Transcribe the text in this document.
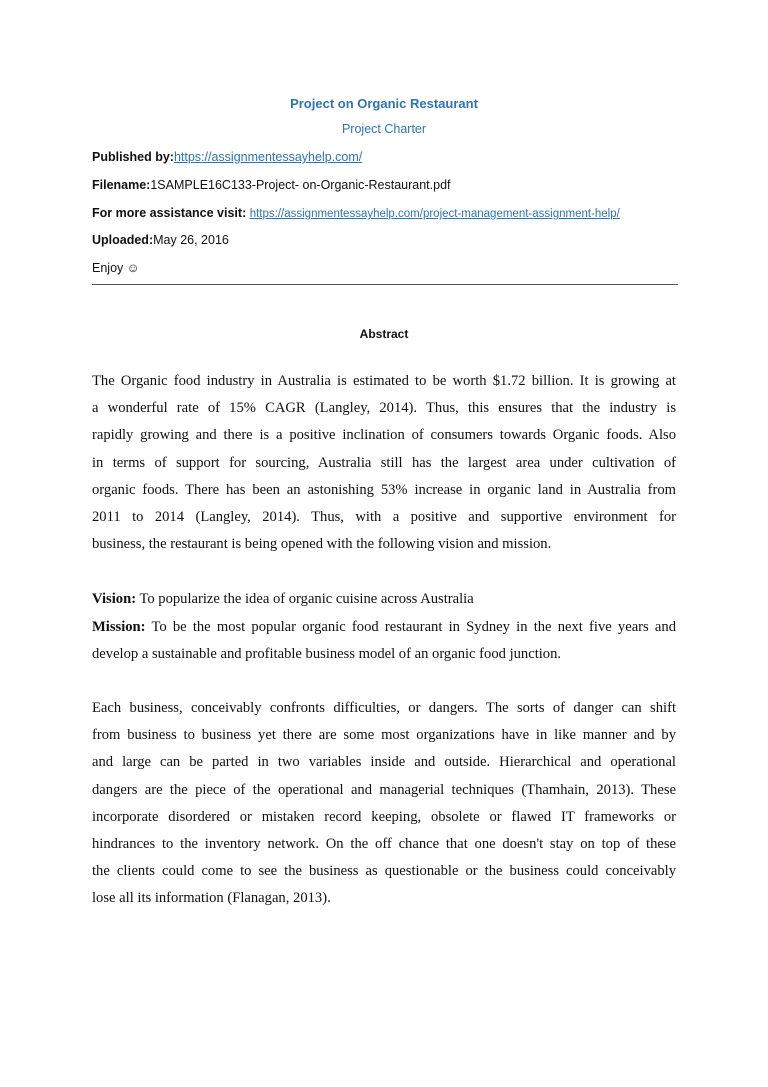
Project on Organic Restaurant
Project Charter
Published by:https://assignmentessayhelp.com/
Filename:1SAMPLE16C133-Project- on-Organic-Restaurant.pdf
For more assistance visit: https://assignmentessayhelp.com/project-management-assignment-help/
Uploaded:May 26, 2016
Enjoy ☺
Abstract
The Organic food industry in Australia is estimated to be worth $1.72 billion. It is growing at
a wonderful rate of 15% CAGR (Langley, 2014). Thus, this ensures that the industry is
rapidly growing and there is a positive inclination of consumers towards Organic foods. Also
in terms of support for sourcing, Australia still has the largest area under cultivation of
organic foods. There has been an astonishing 53% increase in organic land in Australia from
2011 to 2014 (Langley, 2014). Thus, with a positive and supportive environment for
business, the restaurant is being opened with the following vision and mission.
Vision: To popularize the idea of organic cuisine across Australia
Mission: To be the most popular organic food restaurant in Sydney in the next five years and
develop a sustainable and profitable business model of an organic food junction.
Each business, conceivably confronts difficulties, or dangers. The sorts of danger can shift
from business to business yet there are some most organizations have in like manner and by
and large can be parted in two variables inside and outside. Hierarchical and operational
dangers are the piece of the operational and managerial techniques (Thamhain, 2013). These
incorporate disordered or mistaken record keeping, obsolete or flawed IT frameworks or
hindrances to the inventory network. On the off chance that one doesn't stay on top of these
the clients could come to see the business as questionable or the business could conceivably
lose all its information (Flanagan, 2013).
